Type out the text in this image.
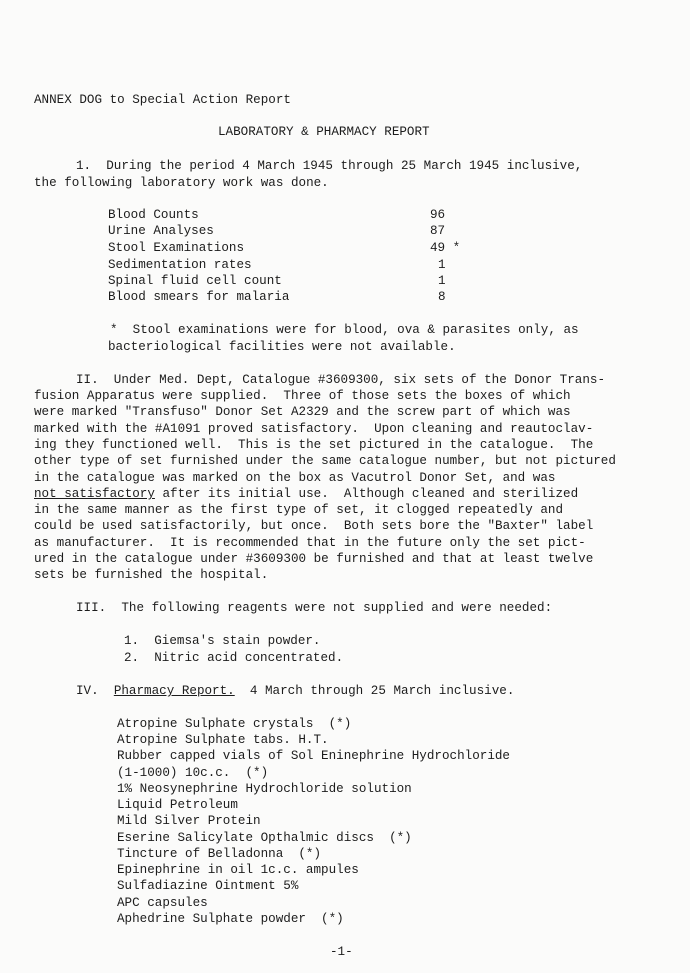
ANNEX DOG to Special Action Report
LABORATORY & PHARMACY REPORT
1.  During the period 4 March 1945 through 25 March 1945 inclusive,
the following laboratory work was done.
Blood Counts	96
Urine Analyses	87
Stool Examinations	49 *
Sedimentation rates	1
Spinal fluid cell count	1
Blood smears for malaria	8
*  Stool examinations were for blood, ova & parasites only, as
bacteriological facilities were not available.
II.  Under Med. Dept, Catalogue #3609300, six sets of the Donor Trans-
fusion Apparatus were supplied.  Three of those sets the boxes of which
were marked "Transfuso" Donor Set A2329 and the screw part of which was
marked with the #A1091 proved satisfactory.  Upon cleaning and reautoclav-
ing they functioned well.  This is the set pictured in the catalogue.  The
other type of set furnished under the same catalogue number, but not pictured
in the catalogue was marked on the box as Vacutrol Donor Set, and was
not satisfactory after its initial use.  Although cleaned and sterilized
in the same manner as the first type of set, it clogged repeatedly and
could be used satisfactorily, but once.  Both sets bore the "Baxter" label
as manufacturer.  It is recommended that in the future only the set pict-
ured in the catalogue under #3609300 be furnished and that at least twelve
sets be furnished the hospital.
III.  The following reagents were not supplied and were needed:
1.  Giemsa's stain powder.
2.  Nitric acid concentrated.
IV. Pharmacy Report. 4 March through 25 March inclusive.
Atropine Sulphate crystals  (*)
Atropine Sulphate tabs. H.T.
Rubber capped vials of Sol Eninephrine Hydrochloride
(1-1000) 10c.c.  (*)
1% Neosynephrine Hydrochloride solution
Liquid Petroleum
Mild Silver Protein
Eserine Salicylate Opthalmic discs  (*)
Tincture of Belladonna  (*)
Epinephrine in oil 1c.c. ampules
Sulfadiazine Ointment 5%
APC capsules
Aphedrine Sulphate powder  (*)
-1-
